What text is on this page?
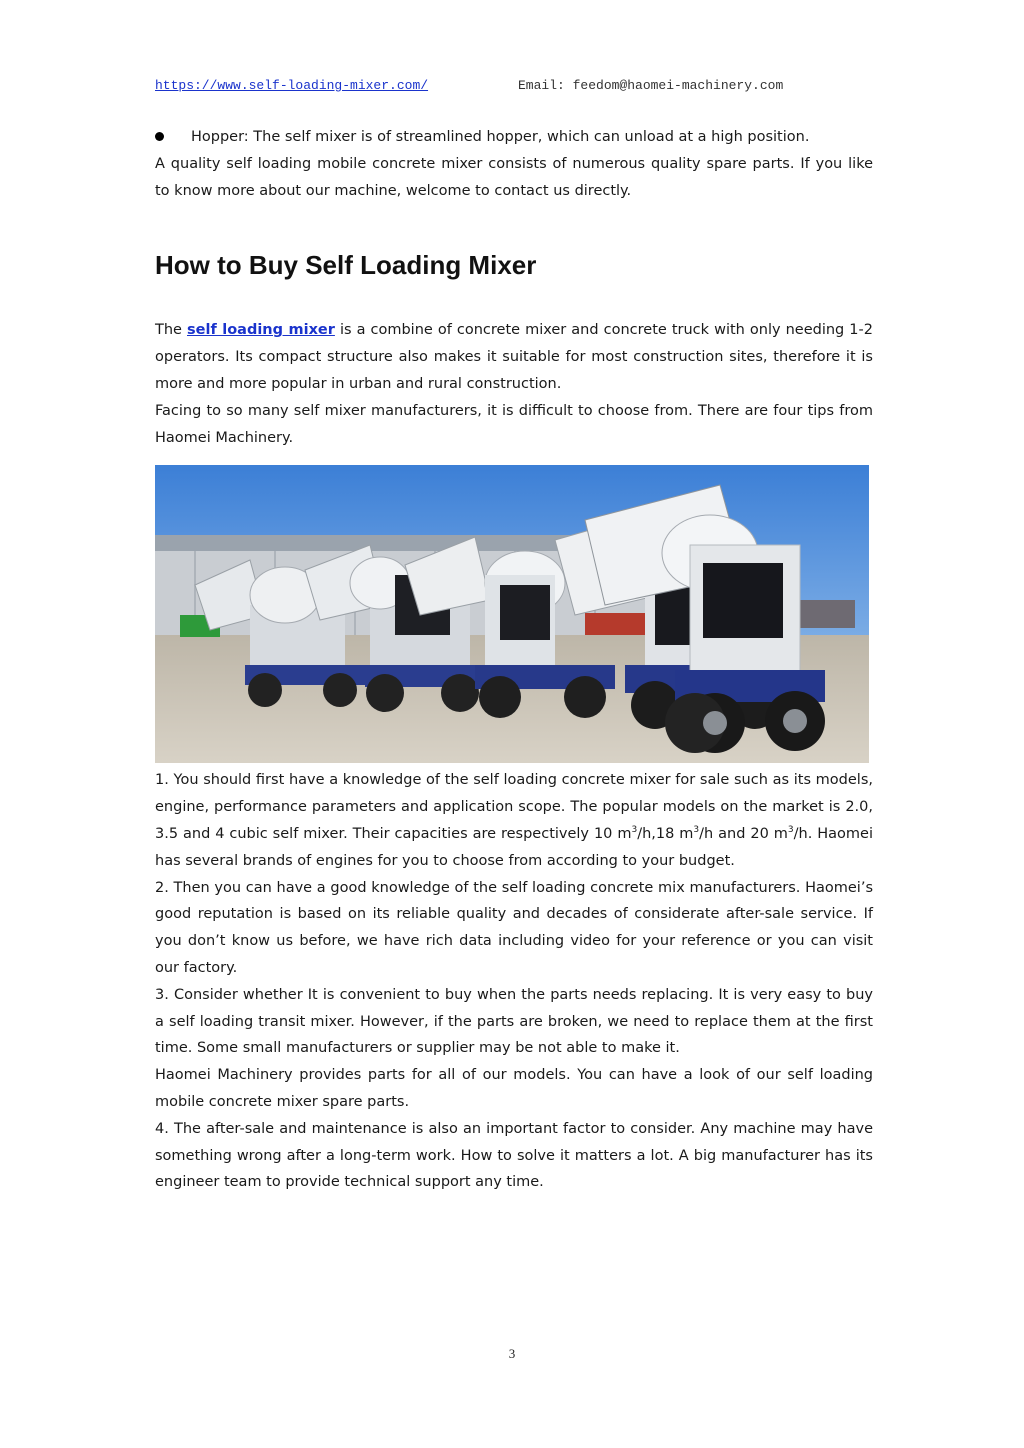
https://www.self-loading-mixer.com/	Email: feedom@haomei-machinery.com

Hopper: The self mixer is of streamlined hopper, which can unload at a high position.

A quality self loading mobile concrete mixer consists of numerous quality spare parts. If you like to know more about our machine, welcome to contact us directly.

How to Buy Self Loading Mixer

The self loading mixer is a combine of concrete mixer and concrete truck with only needing 1-2 operators. Its compact structure also makes it suitable for most construction sites, therefore it is more and more popular in urban and rural construction.

Facing to so many self mixer manufacturers, it is difficult to choose from. There are four tips from Haomei Machinery.

1. You should first have a knowledge of the self loading concrete mixer for sale such as its models, engine, performance parameters and application scope. The popular models on the market is 2.0, 3.5 and 4 cubic self mixer. Their capacities are respectively 10 $m^3/h,18$ $m^3/h$ and 20 $m^3/h$. Haomei has several brands of engines for you to choose from according to your budget.

2. Then you can have a good knowledge of the self loading concrete mix manufacturers. Haomei’s good reputation is based on its reliable quality and decades of considerate after-sale service. If you don’t know us before, we have rich data including video for your reference or you can visit our factory.

3. Consider whether It is convenient to buy when the parts needs replacing. It is very easy to buy a self loading transit mixer. However, if the parts are broken, we need to replace them at the first time. Some small manufacturers or supplier may be not able to make it.

Haomei Machinery provides parts for all of our models. You can have a look of our self loading mobile concrete mixer spare parts.

4. The after-sale and maintenance is also an important factor to consider. Any machine may have something wrong after a long-term work. How to solve it matters a lot. A big manufacturer has its engineer team to provide technical support any time.

3
